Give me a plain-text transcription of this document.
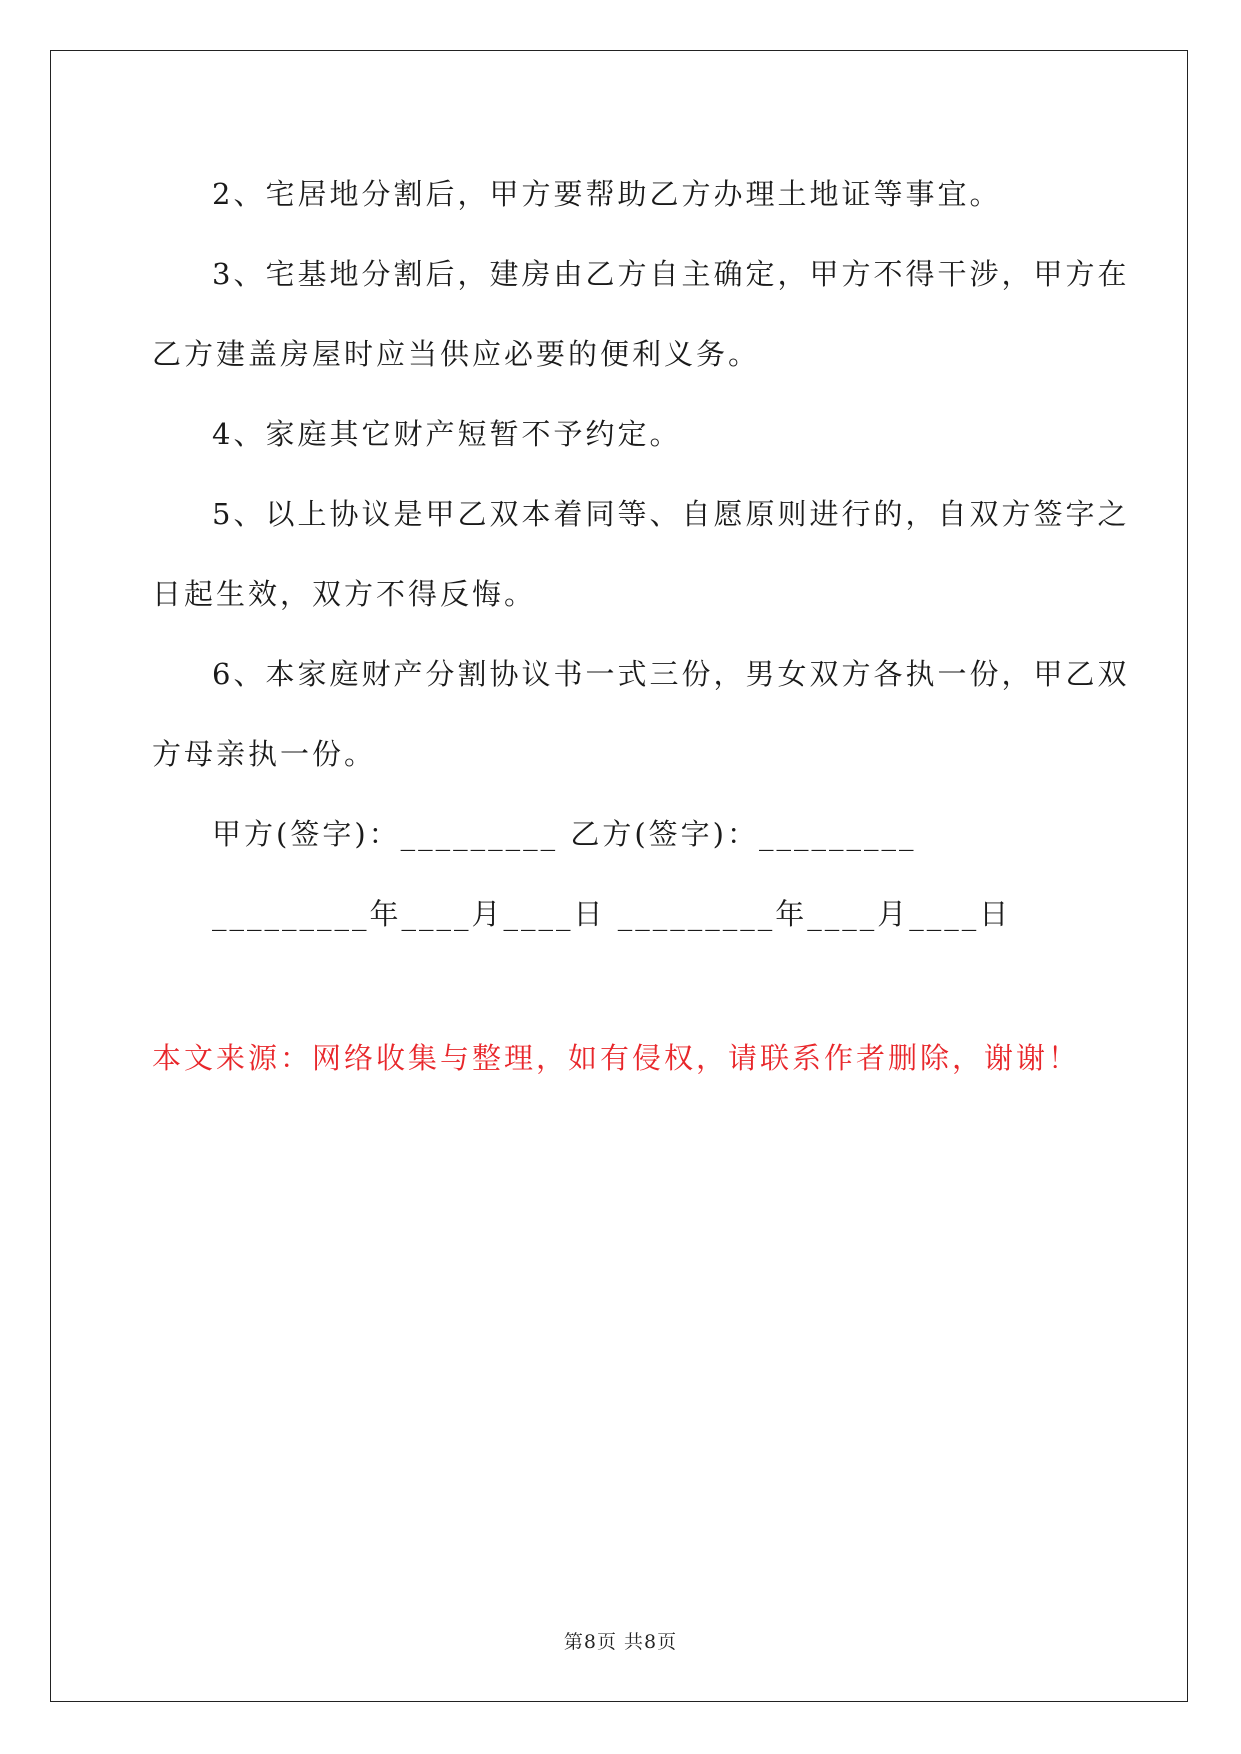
2、宅居地分割后，甲方要帮助乙方办理土地证等事宜。
3、宅基地分割后，建房由乙方自主确定，甲方不得干涉，甲方在
乙方建盖房屋时应当供应必要的便利义务。
4、家庭其它财产短暂不予约定。
5、以上协议是甲乙双本着同等、自愿原则进行的，自双方签字之
日起生效，双方不得反悔。
6、本家庭财产分割协议书一式三份，男女双方各执一份，甲乙双
方母亲执一份。
甲方(签字)：_________ 乙方(签字)：_________
_________年____月____日 _________年____月____日
本文来源：网络收集与整理，如有侵权，请联系作者删除，谢谢！
第8页 共8页
